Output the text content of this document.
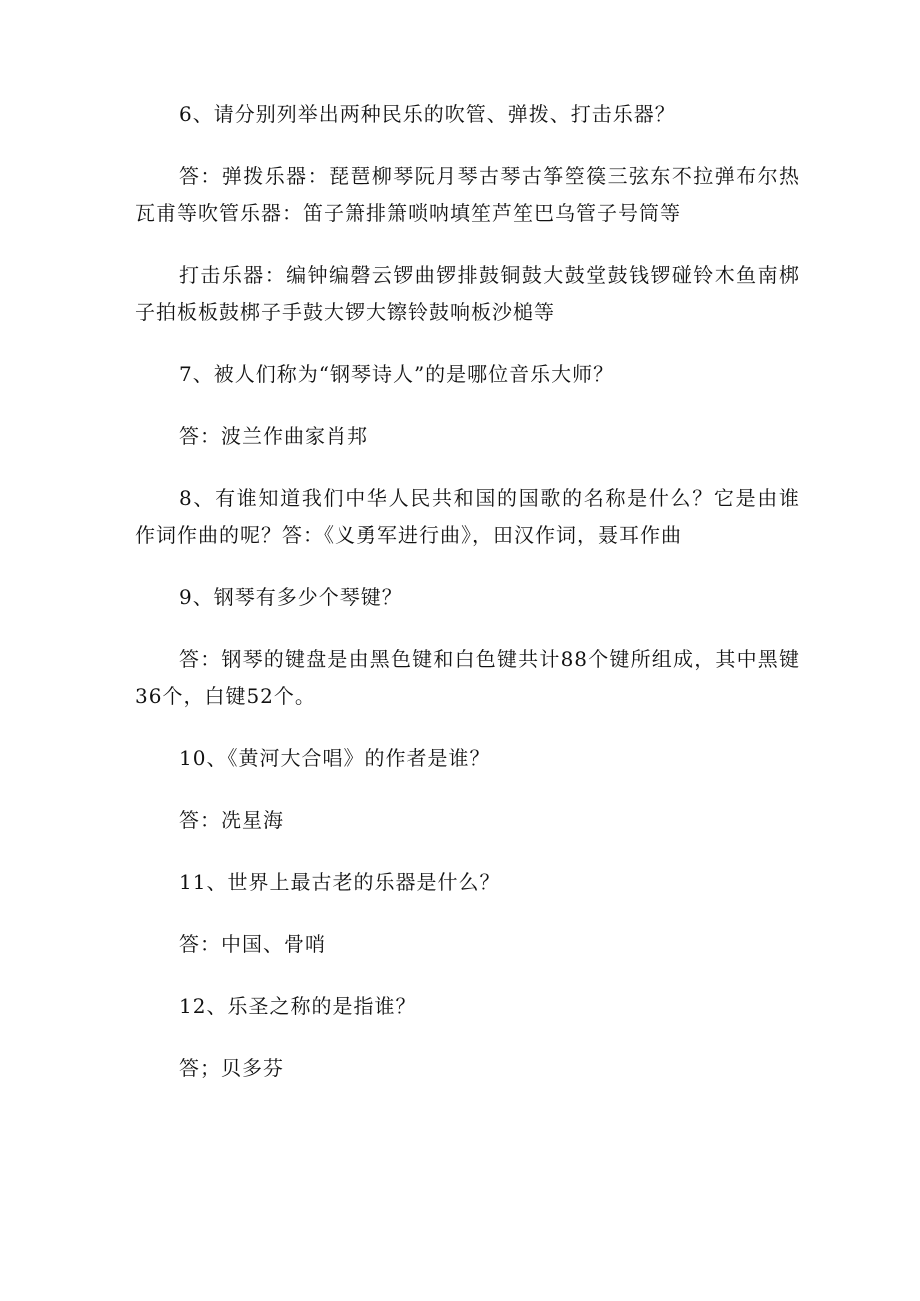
6、请分别列举出两种民乐的吹管、弹拨、打击乐器？

答：弹拨乐器：琵琶柳琴阮月琴古琴古筝箜篌三弦东不拉弹布尔热瓦甫等吹管乐器：笛子箫排箫唢呐填笙芦笙巴乌管子号筒等

打击乐器：编钟编磬云锣曲锣排鼓铜鼓大鼓堂鼓钱锣碰铃木鱼南梆子拍板板鼓梆子手鼓大锣大镲铃鼓响板沙槌等

7、被人们称为“钢琴诗人”的是哪位音乐大师？

答：波兰作曲家肖邦

8、有谁知道我们中华人民共和国的国歌的名称是什么？它是由谁作词作曲的呢？答：《义勇军进行曲》，田汉作词，聂耳作曲

9、钢琴有多少个琴键？

答：钢琴的键盘是由黑色键和白色键共计88个键所组成，其中黑键36个，白键52个。

10、《黄河大合唱》的作者是谁？

答：冼星海

11、世界上最古老的乐器是什么？

答：中国、骨哨

12、乐圣之称的是指谁？

答；贝多芬
